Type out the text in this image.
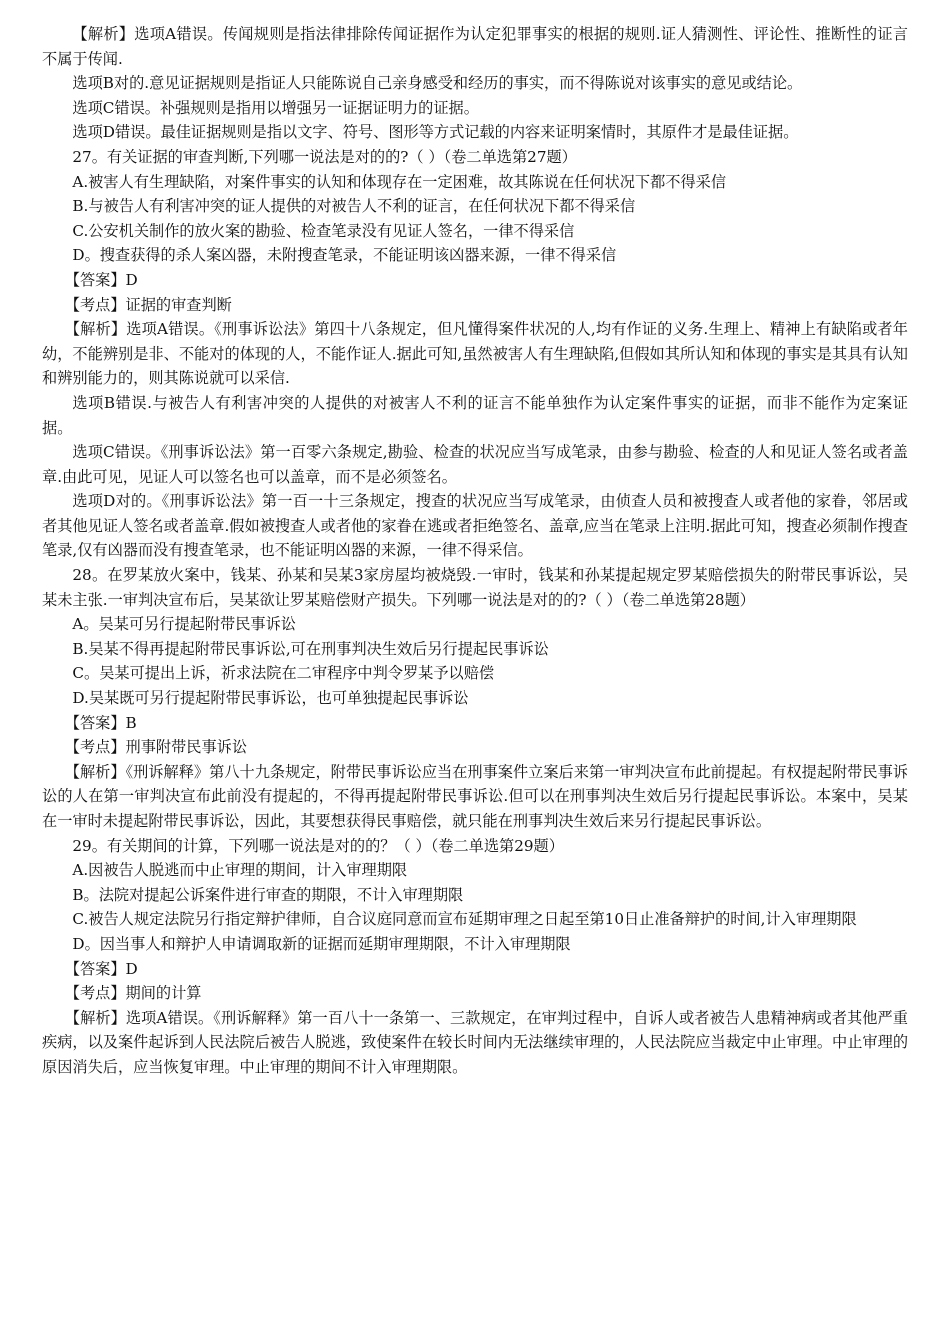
【解析】选项A错误。传闻规则是指法律排除传闻证据作为认定犯罪事实的根据的规则.证人猜测性、评论性、推断性的证言不属于传闻.

选项B对的.意见证据规则是指证人只能陈说自己亲身感受和经历的事实，而不得陈说对该事实的意见或结论。

选项C错误。补强规则是指用以增强另一证据证明力的证据。

选项D错误。最佳证据规则是指以文字、符号、图形等方式记载的内容来证明案情时，其原件才是最佳证据。

27。有关证据的审查判断,下列哪一说法是对的的?（ ）（卷二单选第27题）

A.被害人有生理缺陷，对案件事实的认知和体现存在一定困难，故其陈说在任何状况下都不得采信

B.与被告人有利害冲突的证人提供的对被告人不利的证言，在任何状况下都不得采信

C.公安机关制作的放火案的勘验、检查笔录没有见证人签名，一律不得采信

D。搜查获得的杀人案凶器，未附搜查笔录，不能证明该凶器来源，一律不得采信

【答案】D

【考点】证据的审查判断

【解析】选项A错误。《刑事诉讼法》第四十八条规定，但凡懂得案件状况的人,均有作证的义务.生理上、精神上有缺陷或者年幼，不能辨别是非、不能对的体现的人，不能作证人.据此可知,虽然被害人有生理缺陷,但假如其所认知和体现的事实是其具有认知和辨别能力的，则其陈说就可以采信.

选项B错误.与被告人有利害冲突的人提供的对被害人不利的证言不能单独作为认定案件事实的证据，而非不能作为定案证据。

选项C错误。《刑事诉讼法》第一百零六条规定,勘验、检查的状况应当写成笔录，由参与勘验、检查的人和见证人签名或者盖章.由此可见，见证人可以签名也可以盖章，而不是必须签名。

选项D对的。《刑事诉讼法》第一百一十三条规定，搜查的状况应当写成笔录，由侦查人员和被搜查人或者他的家眷，邻居或者其他见证人签名或者盖章.假如被搜查人或者他的家眷在逃或者拒绝签名、盖章,应当在笔录上注明.据此可知，搜查必须制作搜查笔录,仅有凶器而没有搜查笔录，也不能证明凶器的来源，一律不得采信。

28。在罗某放火案中，钱某、孙某和吴某3家房屋均被烧毁.一审时，钱某和孙某提起规定罗某赔偿损失的附带民事诉讼，吴某未主张.一审判决宣布后，吴某欲让罗某赔偿财产损失。下列哪一说法是对的的?（ ）（卷二单选第28题）

A。吴某可另行提起附带民事诉讼

B.吴某不得再提起附带民事诉讼,可在刑事判决生效后另行提起民事诉讼

C。吴某可提出上诉，祈求法院在二审程序中判令罗某予以赔偿

D.吴某既可另行提起附带民事诉讼，也可单独提起民事诉讼

【答案】B

【考点】刑事附带民事诉讼

【解析】《刑诉解释》第八十九条规定，附带民事诉讼应当在刑事案件立案后来第一审判决宣布此前提起。有权提起附带民事诉讼的人在第一审判决宣布此前没有提起的，不得再提起附带民事诉讼.但可以在刑事判决生效后另行提起民事诉讼。本案中，吴某在一审时未提起附带民事诉讼，因此，其要想获得民事赔偿，就只能在刑事判决生效后来另行提起民事诉讼。

29。有关期间的计算，下列哪一说法是对的的？（ ）（卷二单选第29题）

A.因被告人脱逃而中止审理的期间，计入审理期限

B。法院对提起公诉案件进行审查的期限，不计入审理期限

C.被告人规定法院另行指定辩护律师，自合议庭同意而宣布延期审理之日起至第10日止准备辩护的时间,计入审理期限

D。因当事人和辩护人申请调取新的证据而延期审理期限，不计入审理期限

【答案】D

【考点】期间的计算

【解析】选项A错误。《刑诉解释》第一百八十一条第一、三款规定，在审判过程中，自诉人或者被告人患精神病或者其他严重疾病，以及案件起诉到人民法院后被告人脱逃，致使案件在较长时间内无法继续审理的，人民法院应当裁定中止审理。中止审理的原因消失后，应当恢复审理。中止审理的期间不计入审理期限。
